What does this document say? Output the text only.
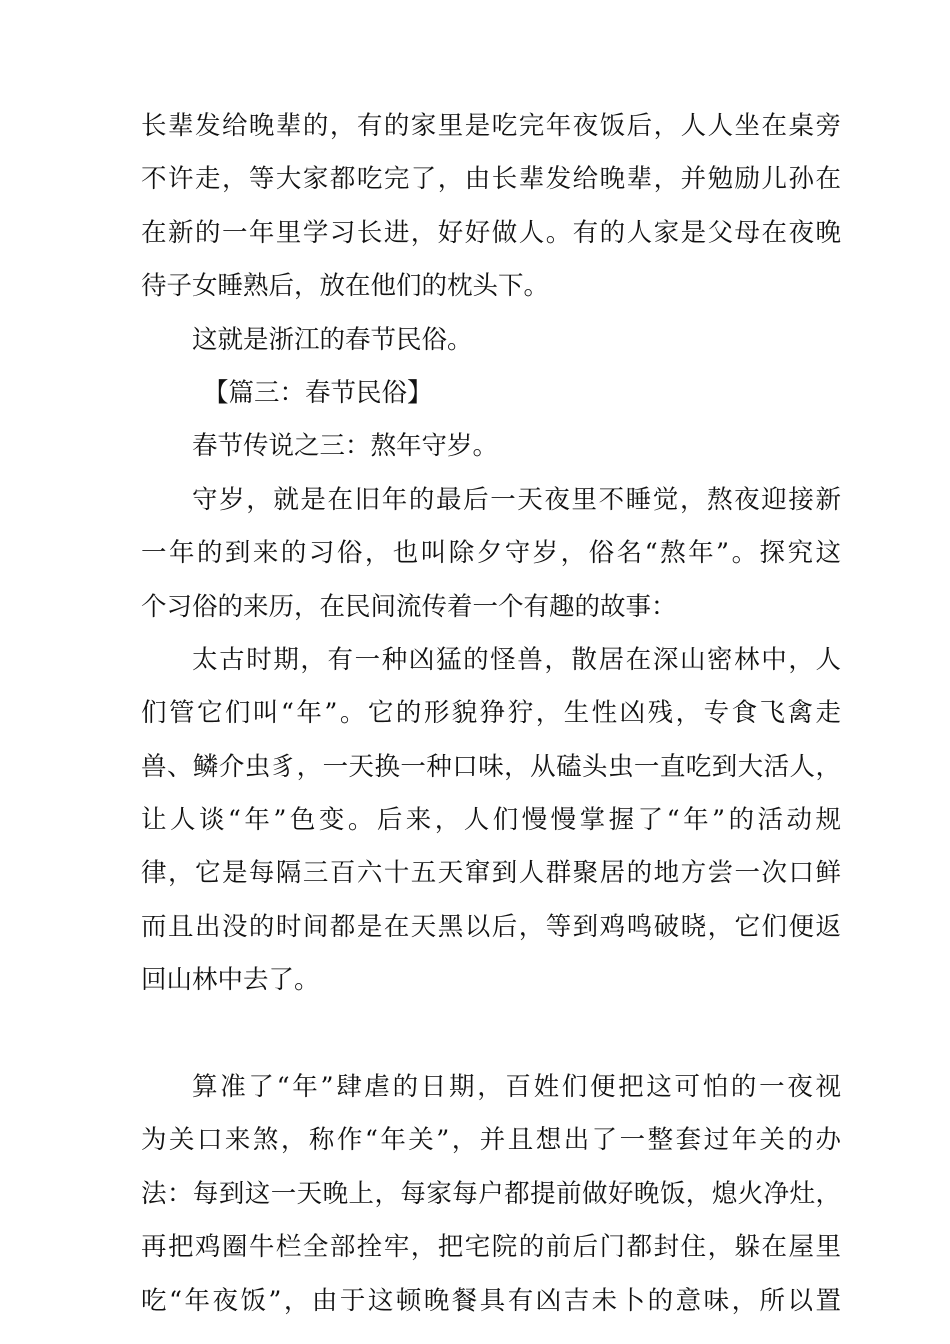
长辈发给晚辈的，有的家里是吃完年夜饭后，人人坐在桌旁
不许走，等大家都吃完了，由长辈发给晚辈，并勉励儿孙在
在新的一年里学习长进，好好做人。有的人家是父母在夜晚
待子女睡熟后，放在他们的枕头下。
这就是浙江的春节民俗。
【篇三：春节民俗】
春节传说之三：熬年守岁。
守岁，就是在旧年的最后一天夜里不睡觉，熬夜迎接新
一年的到来的习俗，也叫除夕守岁，俗名“熬年”。探究这
个习俗的来历，在民间流传着一个有趣的故事：
太古时期，有一种凶猛的怪兽，散居在深山密林中，人
们管它们叫“年”。它的形貌狰狞，生性凶残，专食飞禽走
兽、鳞介虫豸，一天换一种口味，从磕头虫一直吃到大活人，
让人谈“年”色变。后来，人们慢慢掌握了“年”的活动规
律，它是每隔三百六十五天窜到人群聚居的地方尝一次口鲜
而且出没的时间都是在天黑以后，等到鸡鸣破晓，它们便返
回山林中去了。
算准了“年”肆虐的日期，百姓们便把这可怕的一夜视
为关口来煞，称作“年关”，并且想出了一整套过年关的办
法：每到这一天晚上，每家每户都提前做好晚饭，熄火净灶，
再把鸡圈牛栏全部拴牢，把宅院的前后门都封住，躲在屋里
吃“年夜饭”，由于这顿晚餐具有凶吉未卜的意味，所以置
